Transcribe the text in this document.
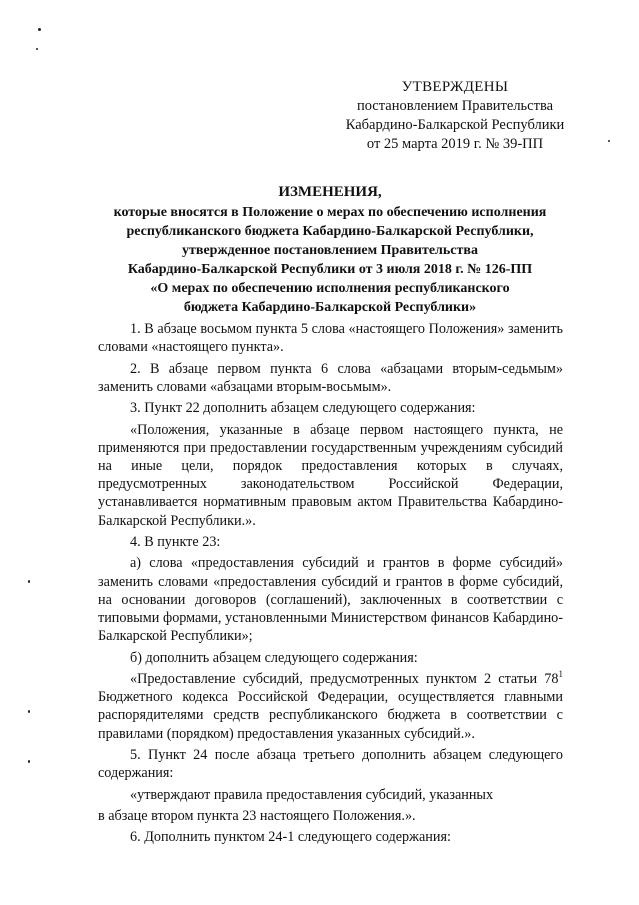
УТВЕРЖДЕНЫ
постановлением Правительства
Кабардино-Балкарской Республики
от 25 марта 2019 г. № 39-ПП
ИЗМЕНЕНИЯ,
которые вносятся в Положение о мерах по обеспечению исполнения
республиканского бюджета Кабардино-Балкарской Республики,
утвержденное постановлением Правительства
Кабардино-Балкарской Республики от 3 июля 2018 г. № 126-ПП
«О мерах по обеспечению исполнения республиканского
бюджета Кабардино-Балкарской Республики»

1. В абзаце восьмом пункта 5 слова «настоящего Положения» заменить словами «настоящего пункта».

2. В абзаце первом пункта 6 слова «абзацами вторым-седьмым» заменить словами «абзацами вторым-восьмым».

3. Пункт 22 дополнить абзацем следующего содержания:

«Положения, указанные в абзаце первом настоящего пункта, не применяются при предоставлении государственным учреждениям субсидий на иные цели, порядок предоставления которых в случаях, предусмотренных законодательством Российской Федерации, устанавливается нормативным правовым актом Правительства Кабардино-Балкарской Республики.».

4. В пункте 23:

а) слова «предоставления субсидий и грантов в форме субсидий» заменить словами «предоставления субсидий и грантов в форме субсидий, на основании договоров (соглашений), заключенных в соответствии с типовыми формами, установленными Министерством финансов Кабардино-Балкарской Республики»;

б) дополнить абзацем следующего содержания:

«Предоставление субсидий, предусмотренных пунктом 2 статьи $78^1$ Бюджетного кодекса Российской Федерации, осуществляется главными распорядителями средств республиканского бюджета в соответствии с правилами (порядком) предоставления указанных субсидий.».

5. Пункт 24 после абзаца третьего дополнить абзацем следующего содержания:

«утверждают правила предоставления субсидий, указанных

в абзаце втором пункта 23 настоящего Положения.».

6. Дополнить пунктом 24-1 следующего содержания:
